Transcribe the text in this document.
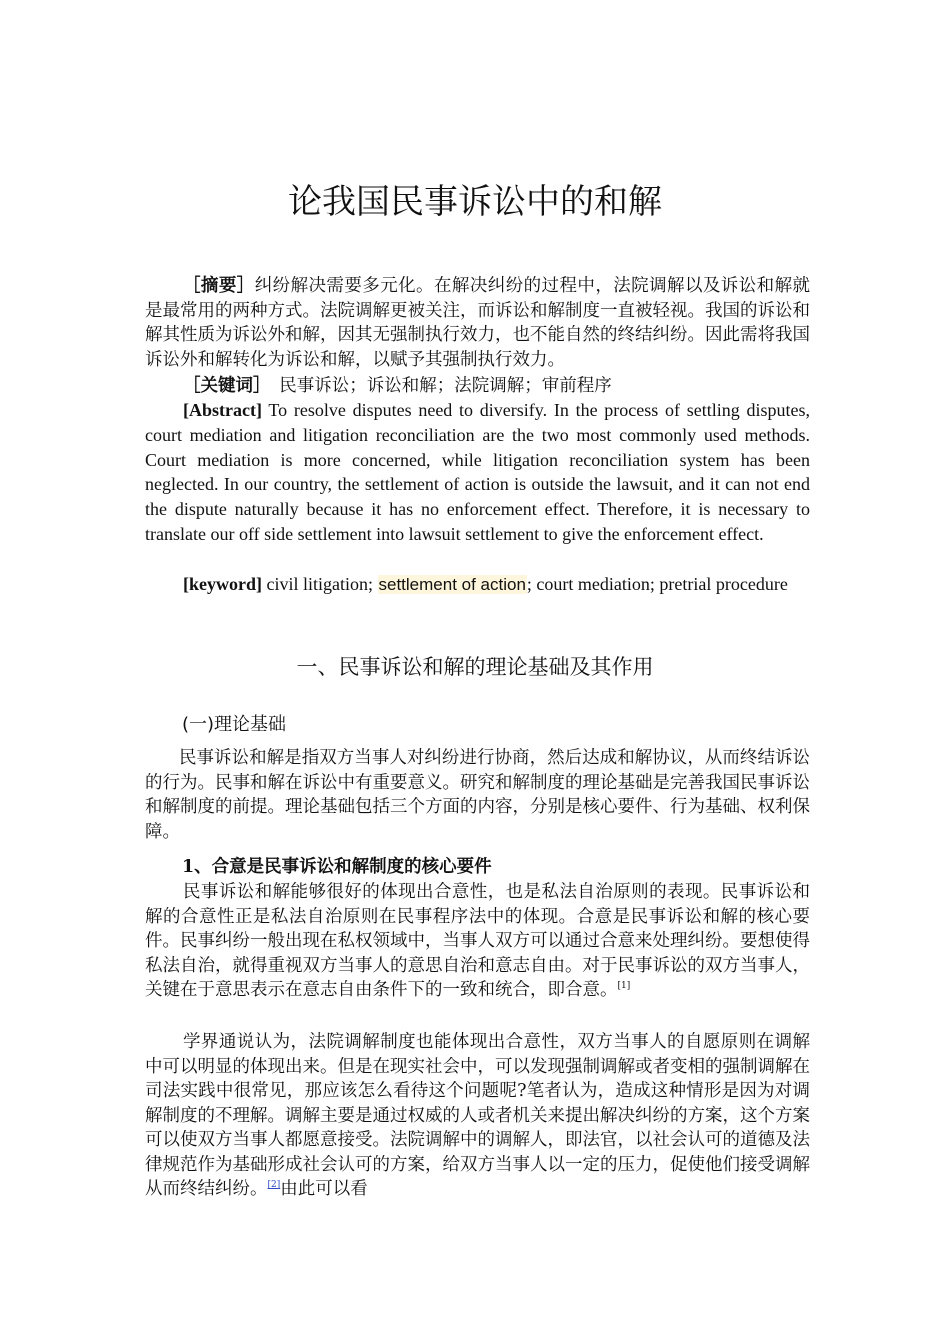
论我国民事诉讼中的和解
［摘要］纠纷解决需要多元化。在解决纠纷的过程中，法院调解以及诉讼和解就是最常用的两种方式。法院调解更被关注，而诉讼和解制度一直被轻视。我国的诉讼和解其性质为诉讼外和解，因其无强制执行效力，也不能自然的终结纠纷。因此需将我国诉讼外和解转化为诉讼和解，以赋予其强制执行效力。
［关键词］　民事诉讼；诉讼和解；法院调解；审前程序
[Abstract] To resolve disputes need to diversify. In the process of settling disputes, court mediation and litigation reconciliation are the two most commonly used methods. Court mediation is more concerned, while litigation reconciliation system has been neglected. In our country, the settlement of action is outside the lawsuit, and it can not end the dispute naturally because it has no enforcement effect. Therefore, it is necessary to translate our off side settlement into lawsuit settlement to give the enforcement effect.
[keyword] civil litigation; settlement of action; court mediation; pretrial procedure
一、民事诉讼和解的理论基础及其作用
(一)理论基础
民事诉讼和解是指双方当事人对纠纷进行协商，然后达成和解协议，从而终结诉讼的行为。民事和解在诉讼中有重要意义。研究和解制度的理论基础是完善我国民事诉讼和解制度的前提。理论基础包括三个方面的内容，分别是核心要件、行为基础、权利保障。
1、合意是民事诉讼和解制度的核心要件
民事诉讼和解能够很好的体现出合意性，也是私法自治原则的表现。民事诉讼和解的合意性正是私法自治原则在民事程序法中的体现。合意是民事诉讼和解的核心要件。民事纠纷一般出现在私权领域中，当事人双方可以通过合意来处理纠纷。要想使得私法自治，就得重视双方当事人的意思自治和意志自由。对于民事诉讼的双方当事人，关键在于意思表示在意志自由条件下的一致和统合，即合意。[1]
学界通说认为，法院调解制度也能体现出合意性，双方当事人的自愿原则在调解中可以明显的体现出来。但是在现实社会中，可以发现强制调解或者变相的强制调解在司法实践中很常见，那应该怎么看待这个问题呢?笔者认为，造成这种情形是因为对调解制度的不理解。调解主要是通过权威的人或者机关来提出解决纠纷的方案，这个方案可以使双方当事人都愿意接受。法院调解中的调解人，即法官，以社会认可的道德及法律规范作为基础形成社会认可的方案，给双方当事人以一定的压力，促使他们接受调解从而终结纠纷。[2]由此可以看
